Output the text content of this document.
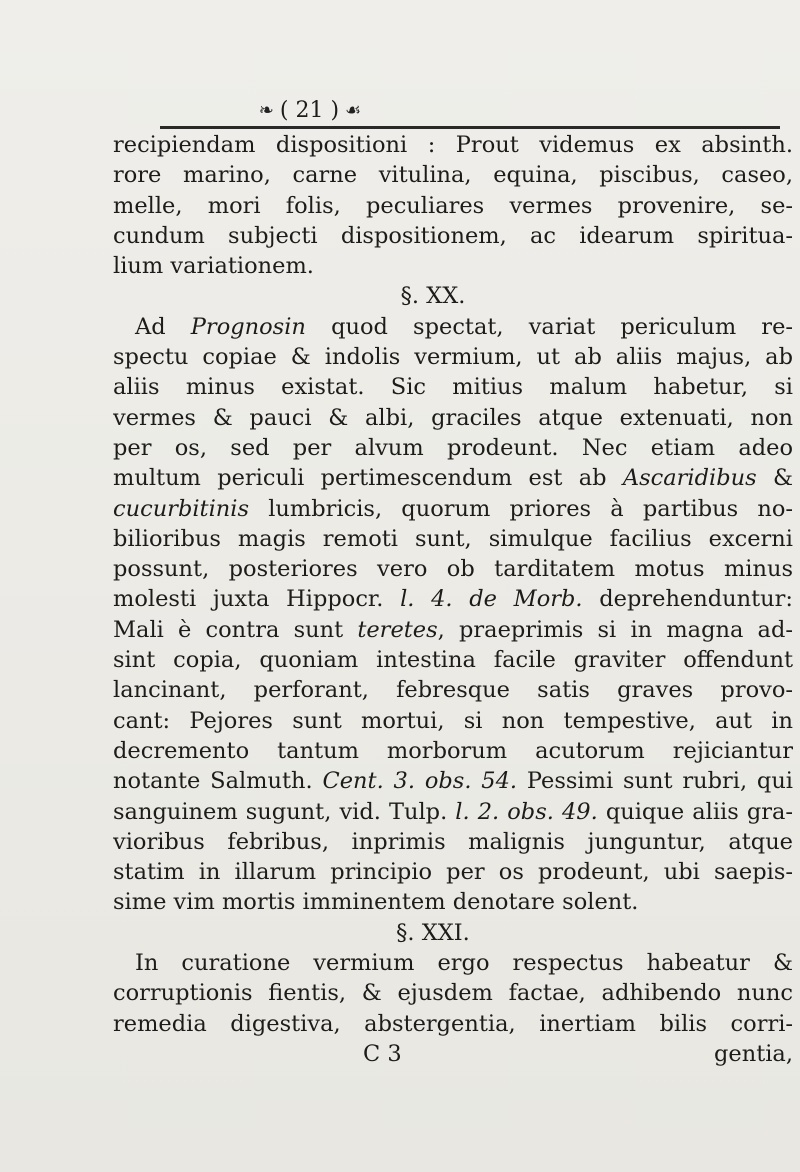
❧ ( 21 ) ☙
recipiendam dispositioni : Prout videmus ex absinth.
rore marino, carne vitulina, equina, piscibus, caseo,
melle, mori folis, peculiares vermes provenire, se-
cundum subjecti dispositionem, ac idearum spiritua-
lium variationem.
§. XX.
Ad Prognosin quod spectat, variat periculum re-
spectu copiae & indolis vermium, ut ab aliis majus, ab
aliis minus existat. Sic mitius malum habetur, si
vermes & pauci & albi, graciles atque extenuati, non
per os, sed per alvum prodeunt. Nec etiam adeo
multum periculi pertimescendum est ab Ascaridibus &
cucurbitinis lumbricis, quorum priores à partibus no-
bilioribus magis remoti sunt, simulque facilius excerni
possunt, posteriores vero ob tarditatem motus minus
molesti juxta Hippocr. l. 4. de Morb. deprehenduntur:
Mali è contra sunt teretes, praeprimis si in magna ad-
sint copia, quoniam intestina facile graviter offendunt
lancinant, perforant, febresque satis graves provo-
cant: Pejores sunt mortui, si non tempestive, aut in
decremento tantum morborum acutorum rejiciantur
notante Salmuth. Cent. 3. obs. 54. Pessimi sunt rubri, qui
sanguinem sugunt, vid. Tulp. l. 2. obs. 49. quique aliis gra-
vioribus febribus, inprimis malignis junguntur, atque
statim in illarum principio per os prodeunt, ubi saepis-
sime vim mortis imminentem denotare solent.
§. XXI.
In curatione vermium ergo respectus habeatur &
corruptionis fientis, & ejusdem factae, adhibendo nunc
remedia digestiva, abstergentia, inertiam bilis corri-
C 3	gentia,
